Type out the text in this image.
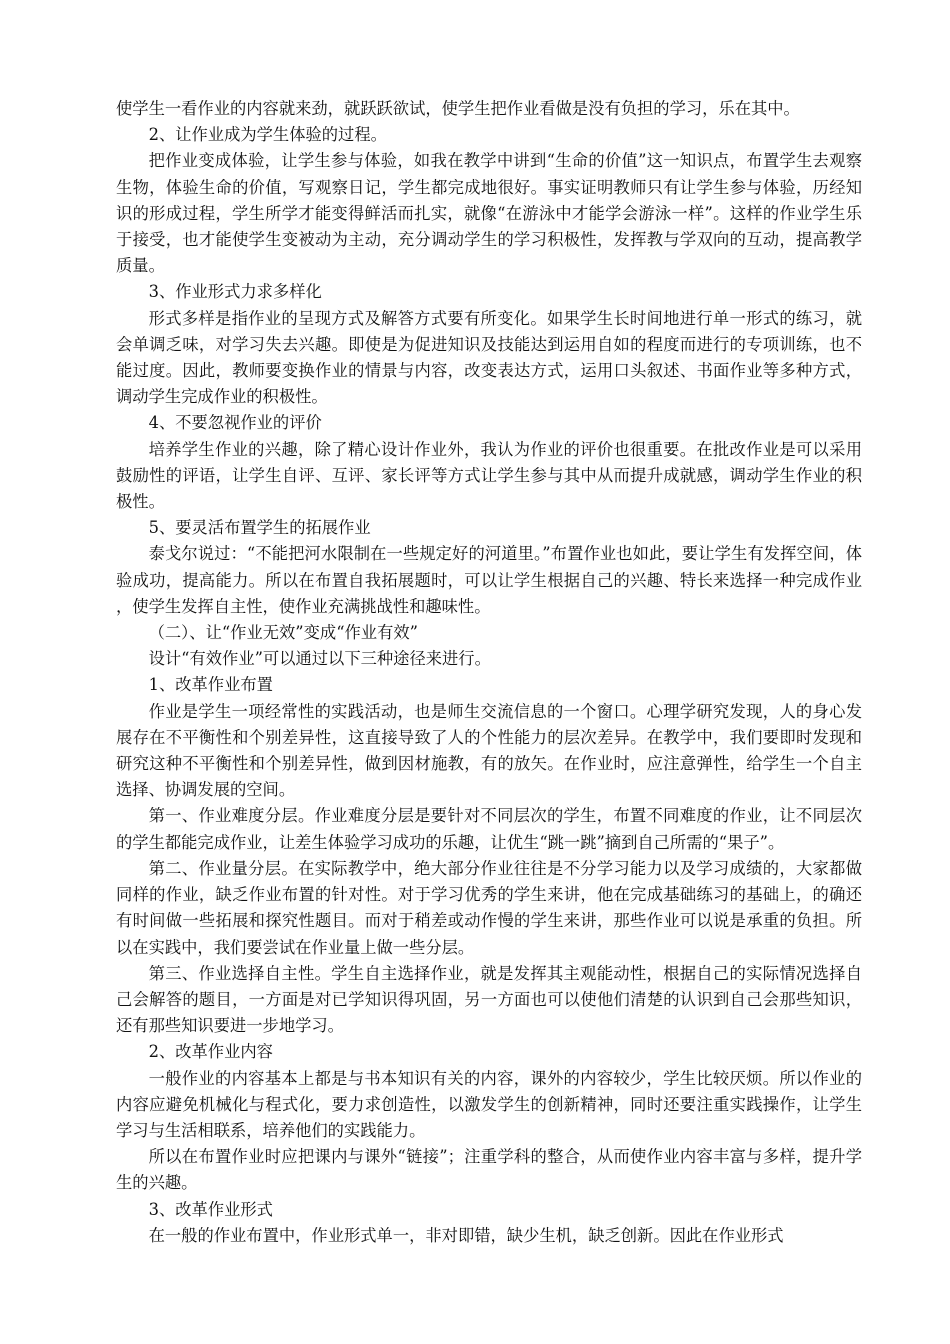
使学生一看作业的内容就来劲，就跃跃欲试，使学生把作业看做是没有负担的学习，乐在其中。

2、让作业成为学生体验的过程。

把作业变成体验，让学生参与体验，如我在教学中讲到“生命的价值”这一知识点，布置学生去观察生物，体验生命的价值，写观察日记，学生都完成地很好。事实证明教师只有让学生参与体验，历经知识的形成过程，学生所学才能变得鲜活而扎实，就像“在游泳中才能学会游泳一样”。这样的作业学生乐于接受，也才能使学生变被动为主动，充分调动学生的学习积极性，发挥教与学双向的互动，提高教学质量。

3、作业形式力求多样化

形式多样是指作业的呈现方式及解答方式要有所变化。如果学生长时间地进行单一形式的练习，就会单调乏味，对学习失去兴趣。即使是为促进知识及技能达到运用自如的程度而进行的专项训练，也不能过度。因此，教师要变换作业的情景与内容，改变表达方式，运用口头叙述、书面作业等多种方式，调动学生完成作业的积极性。

4、不要忽视作业的评价

培养学生作业的兴趣，除了精心设计作业外，我认为作业的评价也很重要。在批改作业是可以采用鼓励性的评语，让学生自评、互评、家长评等方式让学生参与其中从而提升成就感，调动学生作业的积极性。

5、要灵活布置学生的拓展作业

泰戈尔说过：“不能把河水限制在一些规定好的河道里。”布置作业也如此，要让学生有发挥空间，体验成功，提高能力。所以在布置自我拓展题时，可以让学生根据自己的兴趣、特长来选择一种完成作业，使学生发挥自主性，使作业充满挑战性和趣味性。

（二）、让“作业无效”变成“作业有效”

设计“有效作业”可以通过以下三种途径来进行。

1、改革作业布置

作业是学生一项经常性的实践活动，也是师生交流信息的一个窗口。心理学研究发现，人的身心发展存在不平衡性和个别差异性，这直接导致了人的个性能力的层次差异。在教学中，我们要即时发现和研究这种不平衡性和个别差异性，做到因材施教，有的放矢。在作业时，应注意弹性，给学生一个自主选择、协调发展的空间。

第一、作业难度分层。作业难度分层是要针对不同层次的学生，布置不同难度的作业，让不同层次的学生都能完成作业，让差生体验学习成功的乐趣，让优生“跳一跳”摘到自己所需的“果子”。

第二、作业量分层。在实际教学中，绝大部分作业往往是不分学习能力以及学习成绩的，大家都做同样的作业，缺乏作业布置的针对性。对于学习优秀的学生来讲，他在完成基础练习的基础上，的确还有时间做一些拓展和探究性题目。而对于稍差或动作慢的学生来讲，那些作业可以说是承重的负担。所以在实践中，我们要尝试在作业量上做一些分层。

第三、作业选择自主性。学生自主选择作业，就是发挥其主观能动性，根据自己的实际情况选择自己会解答的题目，一方面是对已学知识得巩固，另一方面也可以使他们清楚的认识到自己会那些知识，还有那些知识要进一步地学习。

2、改革作业内容

一般作业的内容基本上都是与书本知识有关的内容，课外的内容较少，学生比较厌烦。所以作业的内容应避免机械化与程式化，要力求创造性，以激发学生的创新精神，同时还要注重实践操作，让学生学习与生活相联系，培养他们的实践能力。

所以在布置作业时应把课内与课外“链接”；注重学科的整合，从而使作业内容丰富与多样，提升学生的兴趣。

3、改革作业形式

在一般的作业布置中，作业形式单一，非对即错，缺少生机，缺乏创新。因此在作业形式
